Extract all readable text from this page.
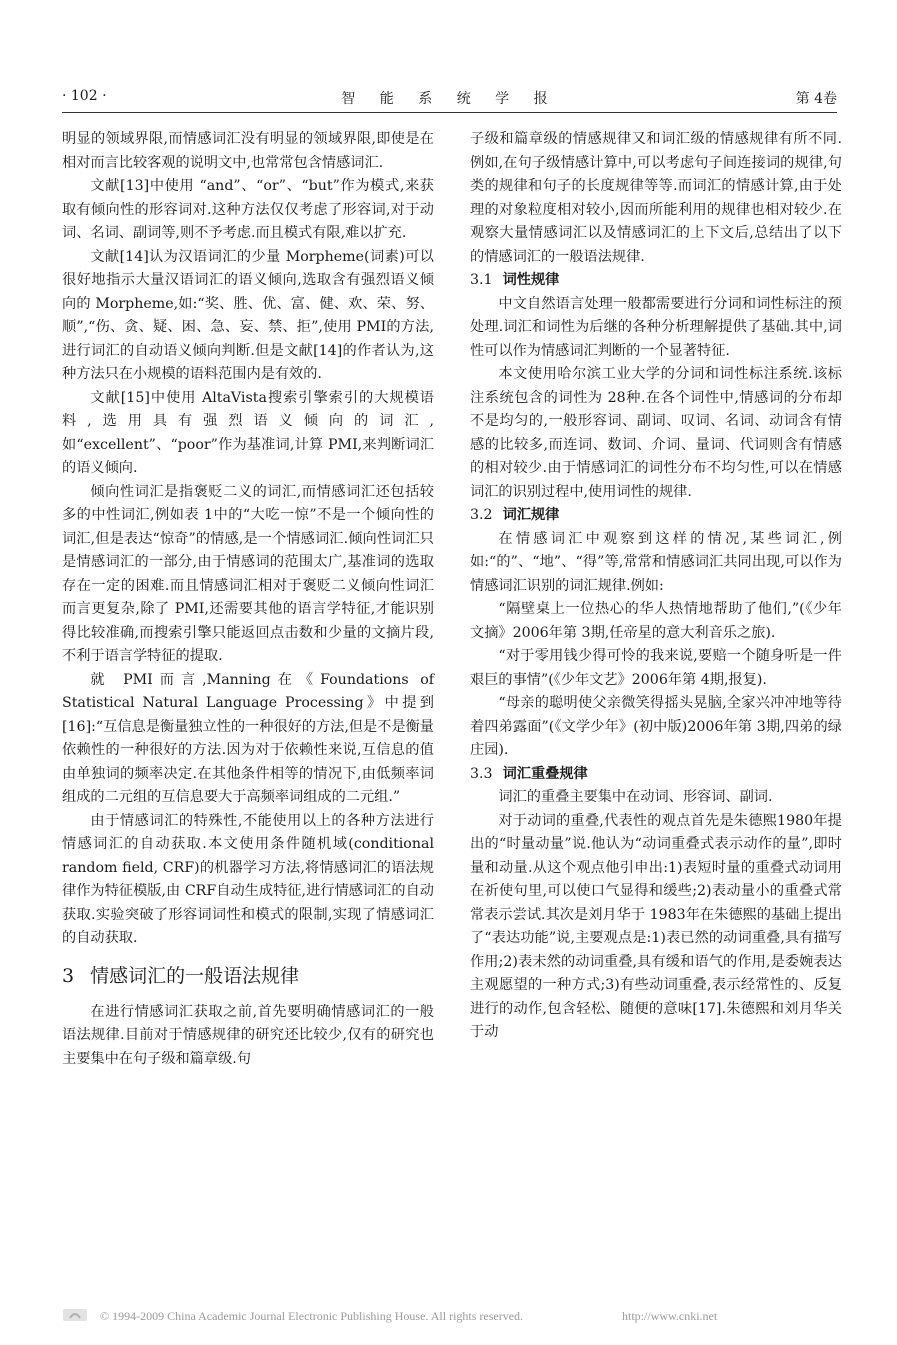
· 102 ·	智 能 系 统 学 报	第 4卷

明显的领域界限,而情感词汇没有明显的领域界限,即使是在相对而言比较客观的说明文中,也常常包含情感词汇.

文献[13]中使用 “and”、“or”、“but”作为模式,来获取有倾向性的形容词对.这种方法仅仅考虑了形容词,对于动词、名词、副词等,则不予考虑.而且模式有限,难以扩充.

文献[14]认为汉语词汇的少量 Morpheme(词素)可以很好地指示大量汉语词汇的语义倾向,选取含有强烈语义倾向的 Morpheme,如:“奖、胜、优、富、健、欢、荣、努、顺”,“伤、贪、疑、困、急、妄、禁、拒”,使用 PMI的方法,进行词汇的自动语义倾向判断.但是文献[14]的作者认为,这种方法只在小规模的语料范围内是有效的.

文献[15]中使用 AltaVista搜索引擎索引的大规模语料,选用具有强烈语义倾向的词汇,如“excellent”、“poor”作为基准词,计算 PMI,来判断词汇的语义倾向.

倾向性词汇是指褒贬二义的词汇,而情感词汇还包括较多的中性词汇,例如表 1中的“大吃一惊”不是一个倾向性的词汇,但是表达“惊奇”的情感,是一个情感词汇.倾向性词汇只是情感词汇的一部分,由于情感词的范围太广,基准词的选取存在一定的困难.而且情感词汇相对于褒贬二义倾向性词汇而言更复杂,除了 PMI,还需要其他的语言学特征,才能识别得比较准确,而搜索引擎只能返回点击数和少量的文摘片段,不利于语言学特征的提取.

就 PMI而言,Manning在《Foundations of Statistical Natural Language Processing》中提到[16]:“互信息是衡量独立性的一种很好的方法,但是不是衡量依赖性的一种很好的方法.因为对于依赖性来说,互信息的值由单独词的频率决定.在其他条件相等的情况下,由低频率词组成的二元组的互信息要大于高频率词组成的二元组.”

由于情感词汇的特殊性,不能使用以上的各种方法进行情感词汇的自动获取.本文使用条件随机域(conditional random field, CRF)的机器学习方法,将情感词汇的语法规律作为特征模版,由 CRF自动生成特征,进行情感词汇的自动获取.实验突破了形容词词性和模式的限制,实现了情感词汇的自动获取.

3 情感词汇的一般语法规律

在进行情感词汇获取之前,首先要明确情感词汇的一般语法规律.目前对于情感规律的研究还比较少,仅有的研究也主要集中在句子级和篇章级.句

子级和篇章级的情感规律又和词汇级的情感规律有所不同.例如,在句子级情感计算中,可以考虑句子间连接词的规律,句类的规律和句子的长度规律等等.而词汇的情感计算,由于处理的对象粒度相对较小,因而所能利用的规律也相对较少.在观察大量情感词汇以及情感词汇的上下文后,总结出了以下的情感词汇的一般语法规律.

3.1 词性规律

中文自然语言处理一般都需要进行分词和词性标注的预处理.词汇和词性为后继的各种分析理解提供了基础.其中,词性可以作为情感词汇判断的一个显著特征.

本文使用哈尔滨工业大学的分词和词性标注系统.该标注系统包含的词性为 28种.在各个词性中,情感词的分布却不是均匀的,一般形容词、副词、叹词、名词、动词含有情感的比较多,而连词、数词、介词、量词、代词则含有情感的相对较少.由于情感词汇的词性分布不均匀性,可以在情感词汇的识别过程中,使用词性的规律.

3.2 词汇规律

在情感词汇中观察到这样的情况,某些词汇,例如:“的”、“地”、“得”等,常常和情感词汇共同出现,可以作为情感词汇识别的词汇规律.例如:

“隔壁桌上一位热心的华人热情地帮助了他们,”(《少年文摘》2006年第 3期,任帝星的意大利音乐之旅).

“对于零用钱少得可怜的我来说,要赔一个随身听是一件艰巨的事情”(《少年文艺》2006年第 4期,报复).

“母亲的聪明使父亲微笑得摇头晃脑,全家兴冲冲地等待着四弟露面”(《文学少年》(初中版)2006年第 3期,四弟的绿庄园).

3.3 词汇重叠规律

词汇的重叠主要集中在动词、形容词、副词.

对于动词的重叠,代表性的观点首先是朱德熙1980年提出的“时量动量”说.他认为“动词重叠式表示动作的量”,即时量和动量.从这个观点他引申出:1)表短时量的重叠式动词用在祈使句里,可以使口气显得和缓些;2)表动量小的重叠式常常表示尝试.其次是刘月华于 1983年在朱德熙的基础上提出了“表达功能”说,主要观点是:1)表已然的动词重叠,具有描写作用;2)表未然的动词重叠,具有缓和语气的作用,是委婉表达主观愿望的一种方式;3)有些动词重叠,表示经常性的、反复进行的动作,包含轻松、随便的意味[17].朱德熙和刘月华关于动

© 1994-2009 China Academic Journal Electronic Publishing House. All rights reserved.	http://www.cnki.net
